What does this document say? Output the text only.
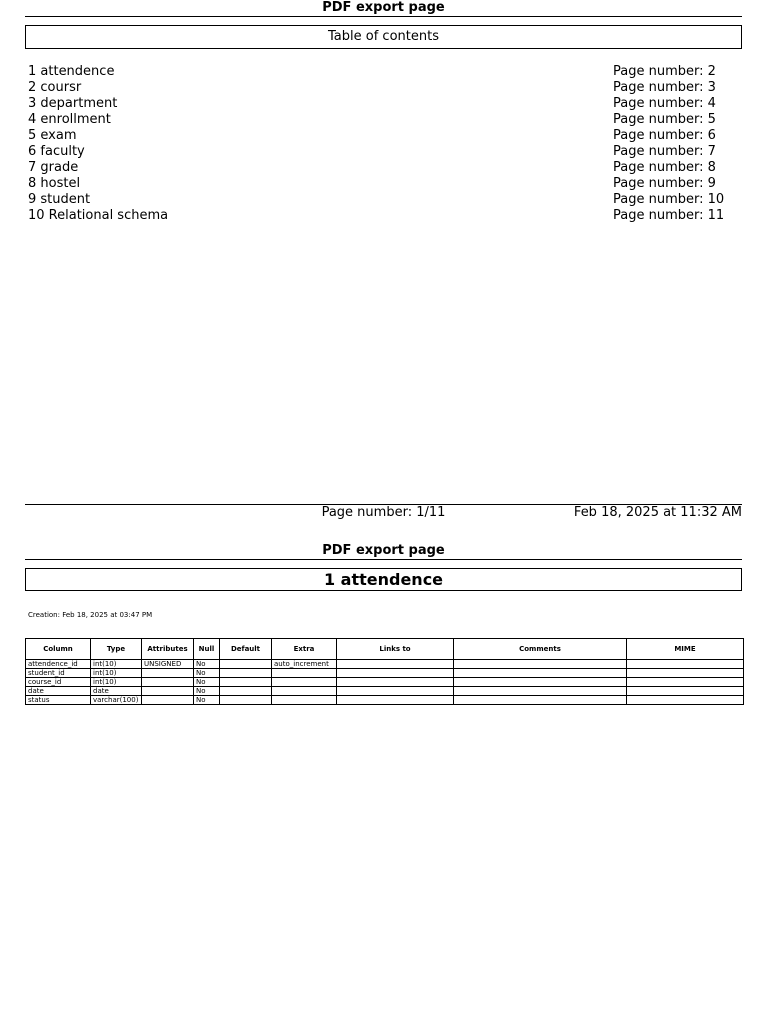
PDF export page
Table of contents
1 attendence	Page number: 2
2 coursr	Page number: 3
3 department	Page number: 4
4 enrollment	Page number: 5
5 exam	Page number: 6
6 faculty	Page number: 7
7 grade	Page number: 8
8 hostel	Page number: 9
9 student	Page number: 10
10 Relational schema	Page number: 11
Page number: 1/11	Feb 18, 2025 at 11:32 AM
PDF export page
1 attendence
Creation: Feb 18, 2025 at 03:47 PM
Column	Type	Attributes	Null	Default	Extra	Links to	Comments	MIME
attendence_id	int(10)	UNSIGNED	No		auto_increment			
student_id	int(10)		No					
course_id	int(10)		No					
date	date		No					
status	varchar(100)		No					
